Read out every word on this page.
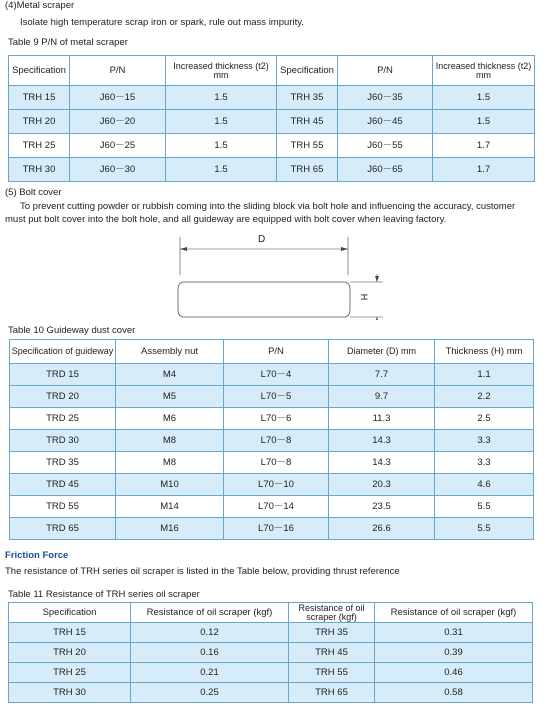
(4)Metal scraper
Isolate high temperature scrap iron or spark, rule out mass impurity.
Table 9 P/N of metal scraper
Specification	P/N	Increased thickness (t2) mm	Specification	P/N	Increased thickness (t2) mm
TRH 15	J60－15	1.5	TRH 35	J60－35	1.5
TRH 20	J60－20	1.5	TRH 45	J60－45	1.5
TRH 25	J60－25	1.5	TRH 55	J60－55	1.7
TRH 30	J60－30	1.5	TRH 65	J60－65	1.7
(5) Bolt cover
To prevent cutting powder or rubbish coming into the sliding block via bolt hole and influencing the accuracy, customer
must put bolt cover into the bolt hole, and all guideway are equipped with bolt cover when leaving factory.
D
H
Table 10 Guideway dust cover
Specification of guideway	Assembly nut	P/N	Diameter (D) mm	Thickness (H) mm
TRD 15	M4	L70－4	7.7	1.1
TRD 20	M5	L70－5	9.7	2.2
TRD 25	M6	L70－6	11.3	2.5
TRD 30	M8	L70－8	14.3	3.3
TRD 35	M8	L70－8	14.3	3.3
TRD 45	M10	L70－10	20.3	4.6
TRD 55	M14	L70－14	23.5	5.5
TRD 65	M16	L70－16	26.6	5.5
Friction Force
The resistance of TRH series oil scraper is listed in the Table below, providing thrust reference
Table 11 Resistance of TRH series oil scraper
Specification	Resistance of oil scraper (kgf)	Resistance of oil scraper (kgf)	Resistance of oil scraper (kgf)
TRH 15	0.12	TRH 35	0.31
TRH 20	0.16	TRH 45	0.39
TRH 25	0.21	TRH 55	0.46
TRH 30	0.25	TRH 65	0.58
